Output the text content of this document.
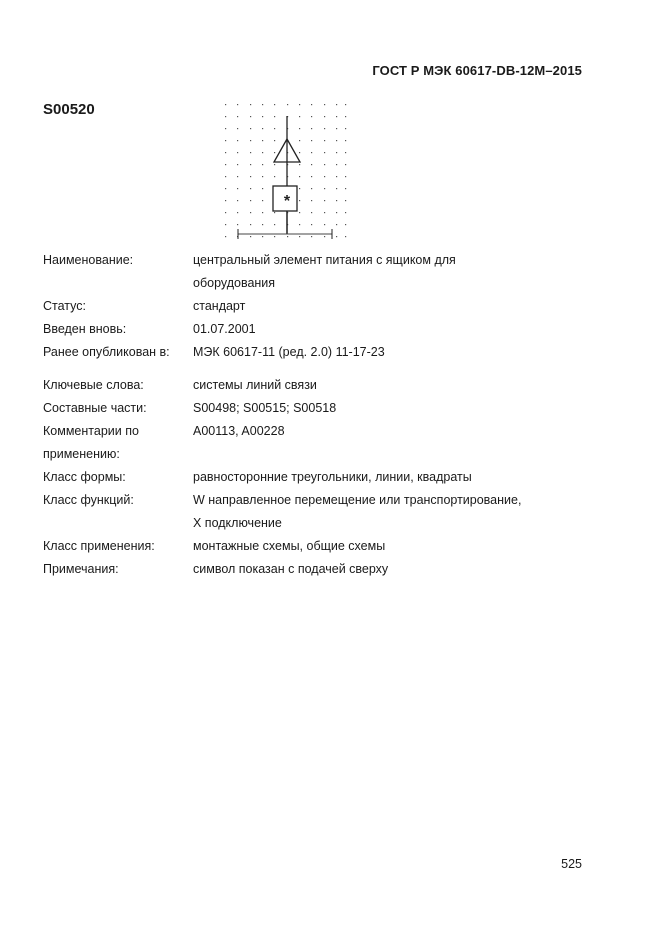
ГОСТ Р МЭК 60617-DB-12M–2015
S00520
*
Наименование:	центральный элемент питания с ящиком для
оборудования
Статус:	стандарт
Введен вновь:	01.07.2001
Ранее опубликован в:	МЭК 60617-11 (ред. 2.0) 11-17-23
Ключевые слова:	системы линий связи
Составные части:	S00498; S00515; S00518
Комментарии по
применению:
A00113, A00228
Класс формы:	равносторонние треугольники, линии, квадраты
Класс функций:	W направленное перемещение или транспортирование,
X подключение
Класс применения:	монтажные схемы, общие схемы
Примечания:	символ показан с подачей сверху
525
